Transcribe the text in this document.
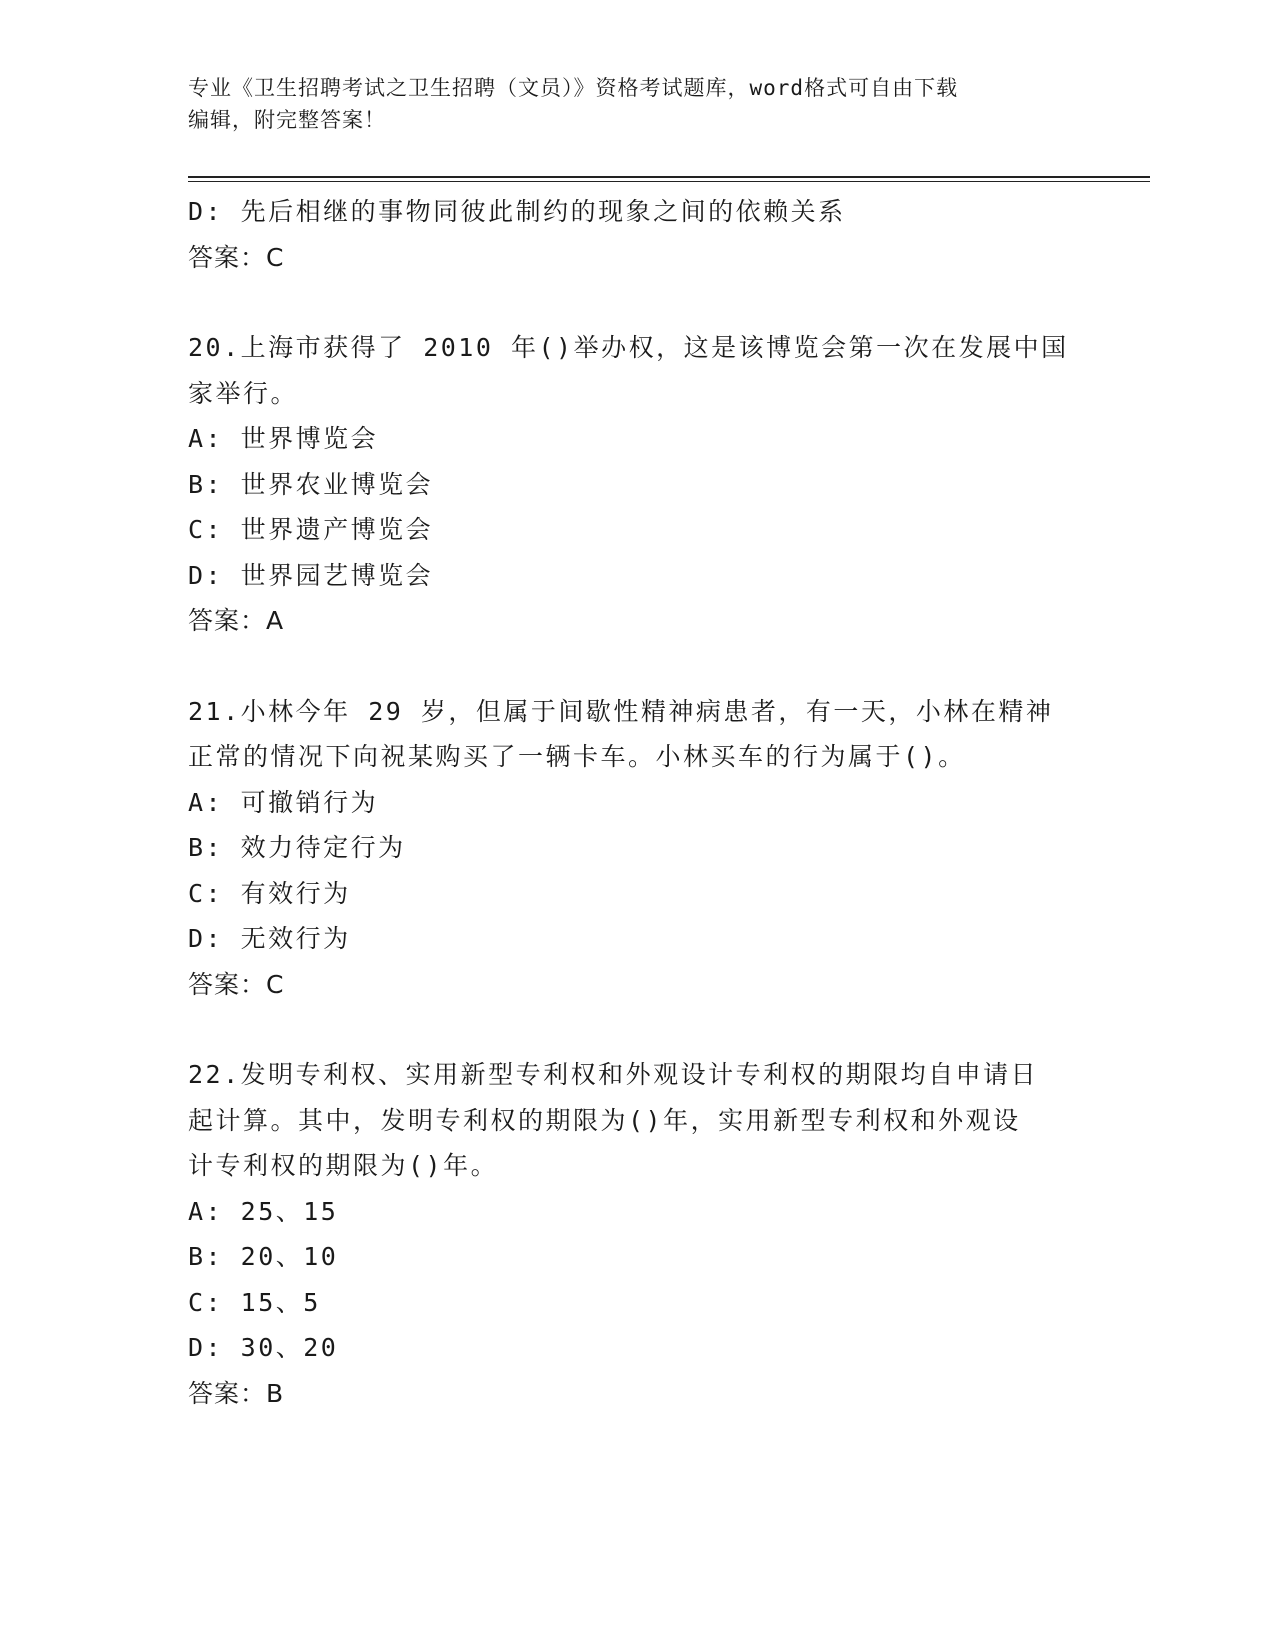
专业《卫生招聘考试之卫生招聘（文员）》资格考试题库，word格式可自由下载
编辑，附完整答案！

D: 先后相继的事物同彼此制约的现象之间的依赖关系

答案：C

20.上海市获得了 2010 年()举办权，这是该博览会第一次在发展中国

家举行。

A: 世界博览会

B: 世界农业博览会

C: 世界遗产博览会

D: 世界园艺博览会

答案：A

21.小林今年 29 岁，但属于间歇性精神病患者，有一天，小林在精神

正常的情况下向祝某购买了一辆卡车。小林买车的行为属于()。

A: 可撤销行为

B: 效力待定行为

C: 有效行为

D: 无效行为

答案：C

22.发明专利权、实用新型专利权和外观设计专利权的期限均自申请日

起计算。其中，发明专利权的期限为()年，实用新型专利权和外观设

计专利权的期限为()年。

A: 25、15

B: 20、10

C: 15、5

D: 30、20

答案：B
